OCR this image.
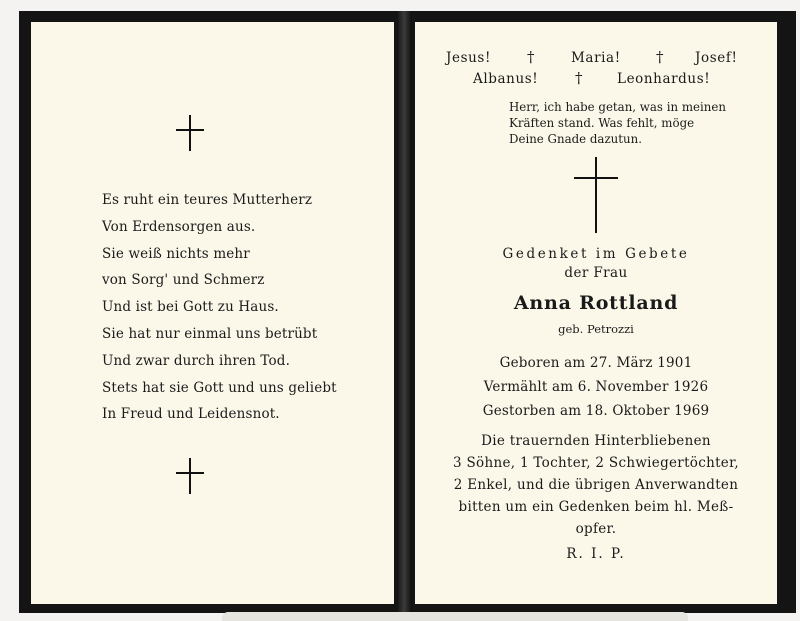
Es ruht ein teures Mutterherz
Von Erdensorgen aus.
Sie weiß nichts mehr
von Sorg' und Schmerz
Und ist bei Gott zu Haus.
Sie hat nur einmal uns betrübt
Und zwar durch ihren Tod.
Stets hat sie Gott und uns geliebt
In Freud und Leidensnot.
Jesus! †	Maria! † Josef!
Albanus! †	Leonhardus!
Herr, ich habe getan, was in meinen
Kräften stand. Was fehlt, möge
Deine Gnade dazutun.
Gedenket im Gebete
der Frau
Anna Rottland
geb. Petrozzi
Geboren am 27. März 1901
Vermählt am 6. November 1926
Gestorben am 18. Oktober 1969
Die trauernden Hinterbliebenen
3 Söhne, 1 Tochter, 2 Schwiegertöchter,
2 Enkel, und die übrigen Anverwandten
bitten um ein Gedenken beim hl. Meß-
opfer.
R. I. P.
